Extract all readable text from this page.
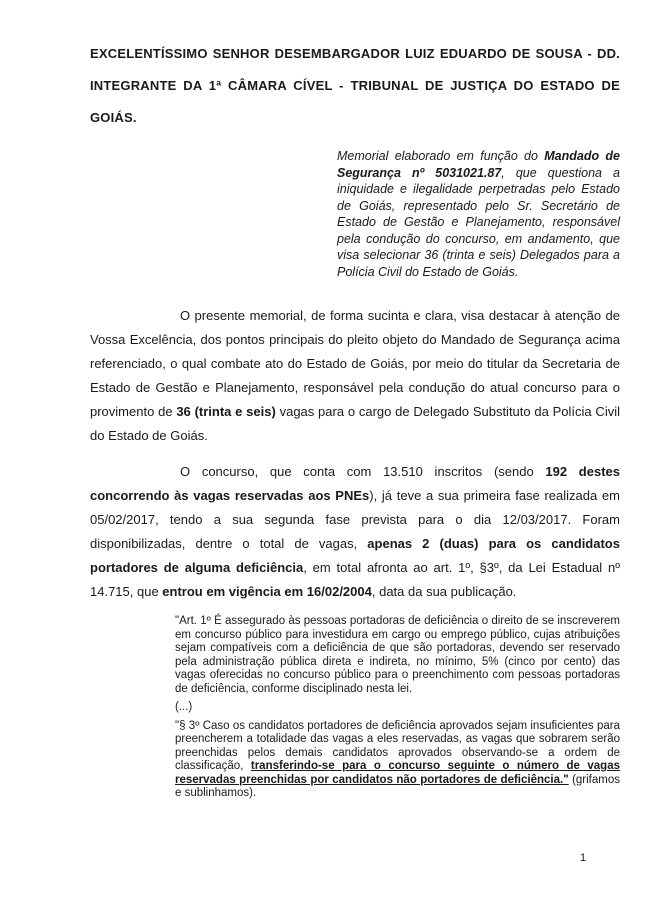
EXCELENTÍSSIMO SENHOR DESEMBARGADOR LUIZ EDUARDO DE SOUSA - DD. INTEGRANTE DA 1ª CÂMARA CÍVEL - TRIBUNAL DE JUSTIÇA DO ESTADO DE GOIÁS.

Memorial elaborado em função do Mandado de Segurança nº 5031021.87, que questiona a iniquidade e ilegalidade perpetradas pelo Estado de Goiás, representado pelo Sr. Secretário de Estado de Gestão e Planejamento, responsável pela condução do concurso, em andamento, que visa selecionar 36 (trinta e seis) Delegados para a Polícia Civil do Estado de Goiás.

O presente memorial, de forma sucinta e clara, visa destacar à atenção de Vossa Excelência, dos pontos principais do pleito objeto do Mandado de Segurança acima referenciado, o qual combate ato do Estado de Goiás, por meio do titular da Secretaria de Estado de Gestão e Planejamento, responsável pela condução do atual concurso para o provimento de 36 (trinta e seis) vagas para o cargo de Delegado Substituto da Polícia Civil do Estado de Goiás.

O concurso, que conta com 13.510 inscritos (sendo 192 destes concorrendo às vagas reservadas aos PNEs), já teve a sua primeira fase realizada em 05/02/2017, tendo a sua segunda fase prevista para o dia 12/03/2017. Foram disponibilizadas, dentre o total de vagas, apenas 2 (duas) para os candidatos portadores de alguma deficiência, em total afronta ao art. 1º, §3º, da Lei Estadual nº 14.715, que entrou em vigência em 16/02/2004, data da sua publicação.

"Art. 1º É assegurado às pessoas portadoras de deficiência o direito de se inscreverem em concurso público para investidura em cargo ou emprego público, cujas atribuições sejam compatíveis com a deficiência de que são portadoras, devendo ser reservado pela administração pública direta e indireta, no mínimo, 5% (cinco por cento) das vagas oferecidas no concurso público para o preenchimento com pessoas portadoras de deficiência, conforme disciplinado nesta lei.

(...)

"§ 3º Caso os candidatos portadores de deficiência aprovados sejam insuficientes para preencherem a totalidade das vagas a eles reservadas, as vagas que sobrarem serão preenchidas pelos demais candidatos aprovados observando-se a ordem de classificação, transferindo-se para o concurso seguinte o número de vagas reservadas preenchidas por candidatos não portadores de deficiência." (grifamos e sublinhamos).

1
